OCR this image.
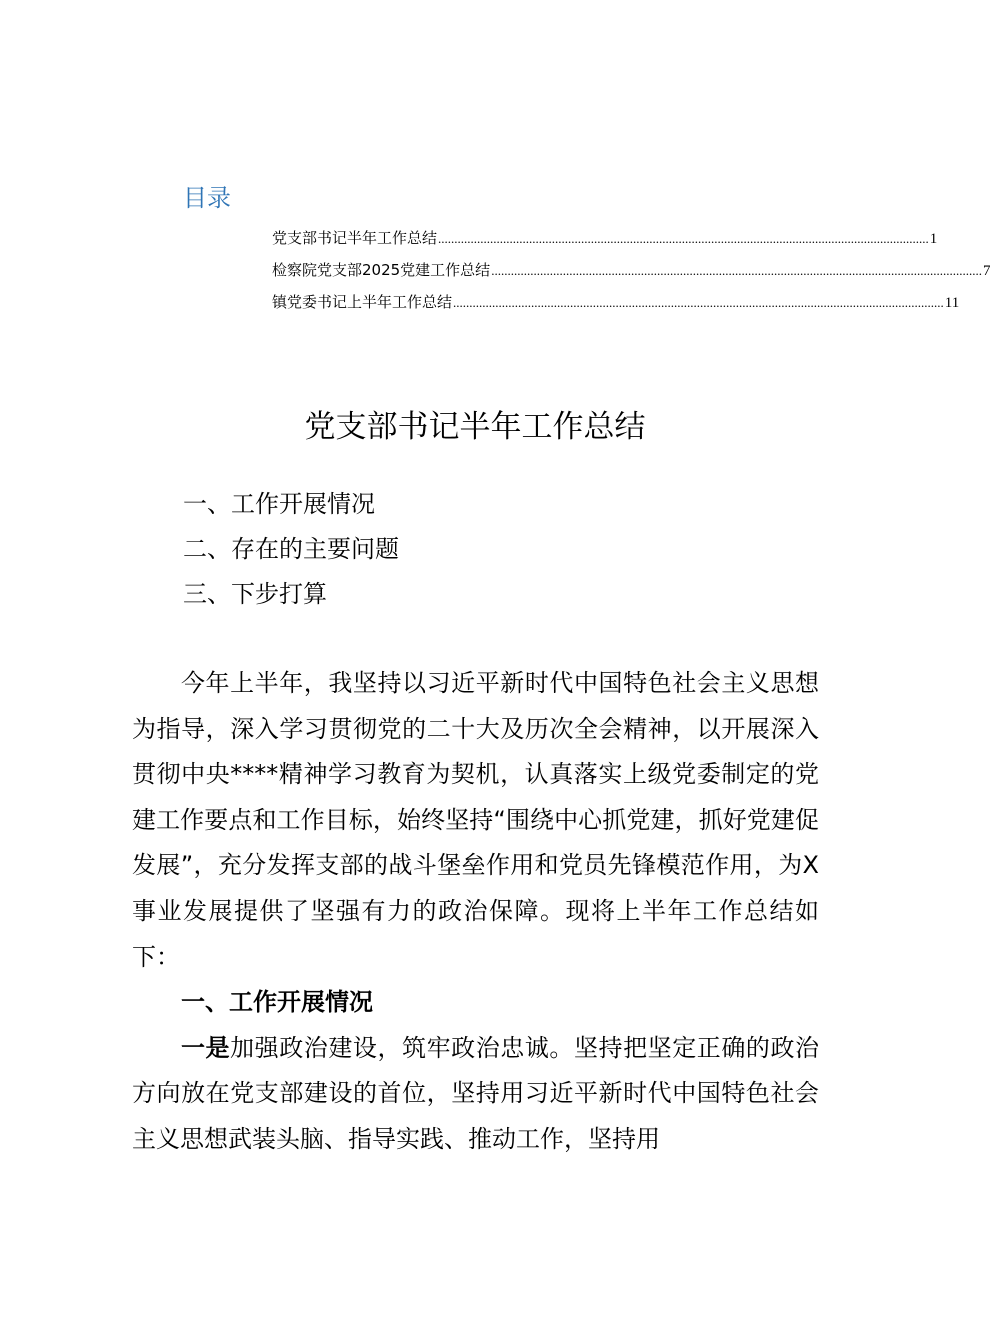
目录
党支部书记半年工作总结 ....................................................................................................................................................... 1
检察院党支部2025党建工作总结 ....................................................................................................................................................... 7
镇党委书记上半年工作总结 ....................................................................................................................................................... 11
党支部书记半年工作总结
一、工作开展情况
二、存在的主要问题
三、下步打算

今年上半年，我坚持以习近平新时代中国特色社会主义思想为指导，深入学习贯彻党的二十大及历次全会精神，以开展深入贯彻中央****精神学习教育为契机，认真落实上级党委制定的党建工作要点和工作目标，始终坚持“围绕中心抓党建，抓好党建促发展”，充分发挥支部的战斗堡垒作用和党员先锋模范作用，为X事业发展提供了坚强有力的政治保障。现将上半年工作总结如下：

一、工作开展情况

一是加强政治建设，筑牢政治忠诚。坚持把坚定正确的政治方向放在党支部建设的首位，坚持用习近平新时代中国特色社会主义思想武装头脑、指导实践、推动工作，坚持用
